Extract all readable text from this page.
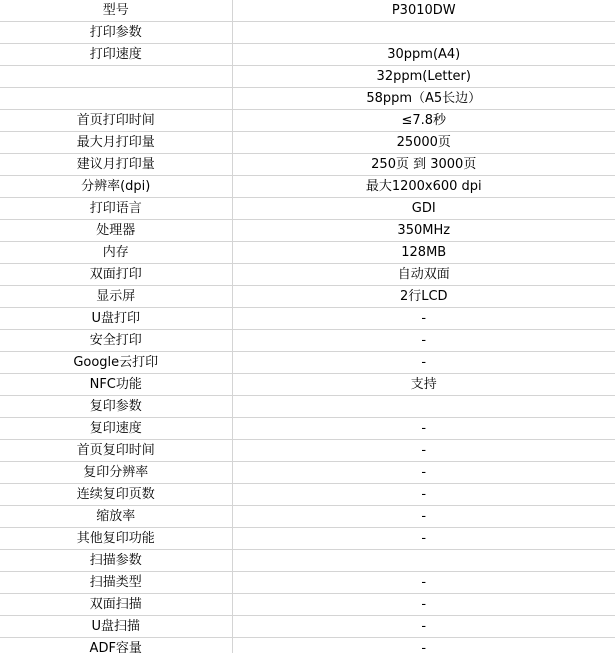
型号	P3010DW
打印参数	
打印速度	30ppm(A4)
	32ppm(Letter)
	58ppm（A5长边）
首页打印时间	≤7.8秒
最大月打印量	25000页
建议月打印量	250页 到 3000页
分辨率(dpi)	最大1200x600 dpi
打印语言	GDI
处理器	350MHz
内存	128MB
双面打印	自动双面
显示屏	2行LCD
U盘打印	-
安全打印	-
Google云打印	-
NFC功能	支持
复印参数	
复印速度	-
首页复印时间	-
复印分辨率	-
连续复印页数	-
缩放率	-
其他复印功能	-
扫描参数	
扫描类型	-
双面扫描	-
U盘扫描	-
ADF容量	-
